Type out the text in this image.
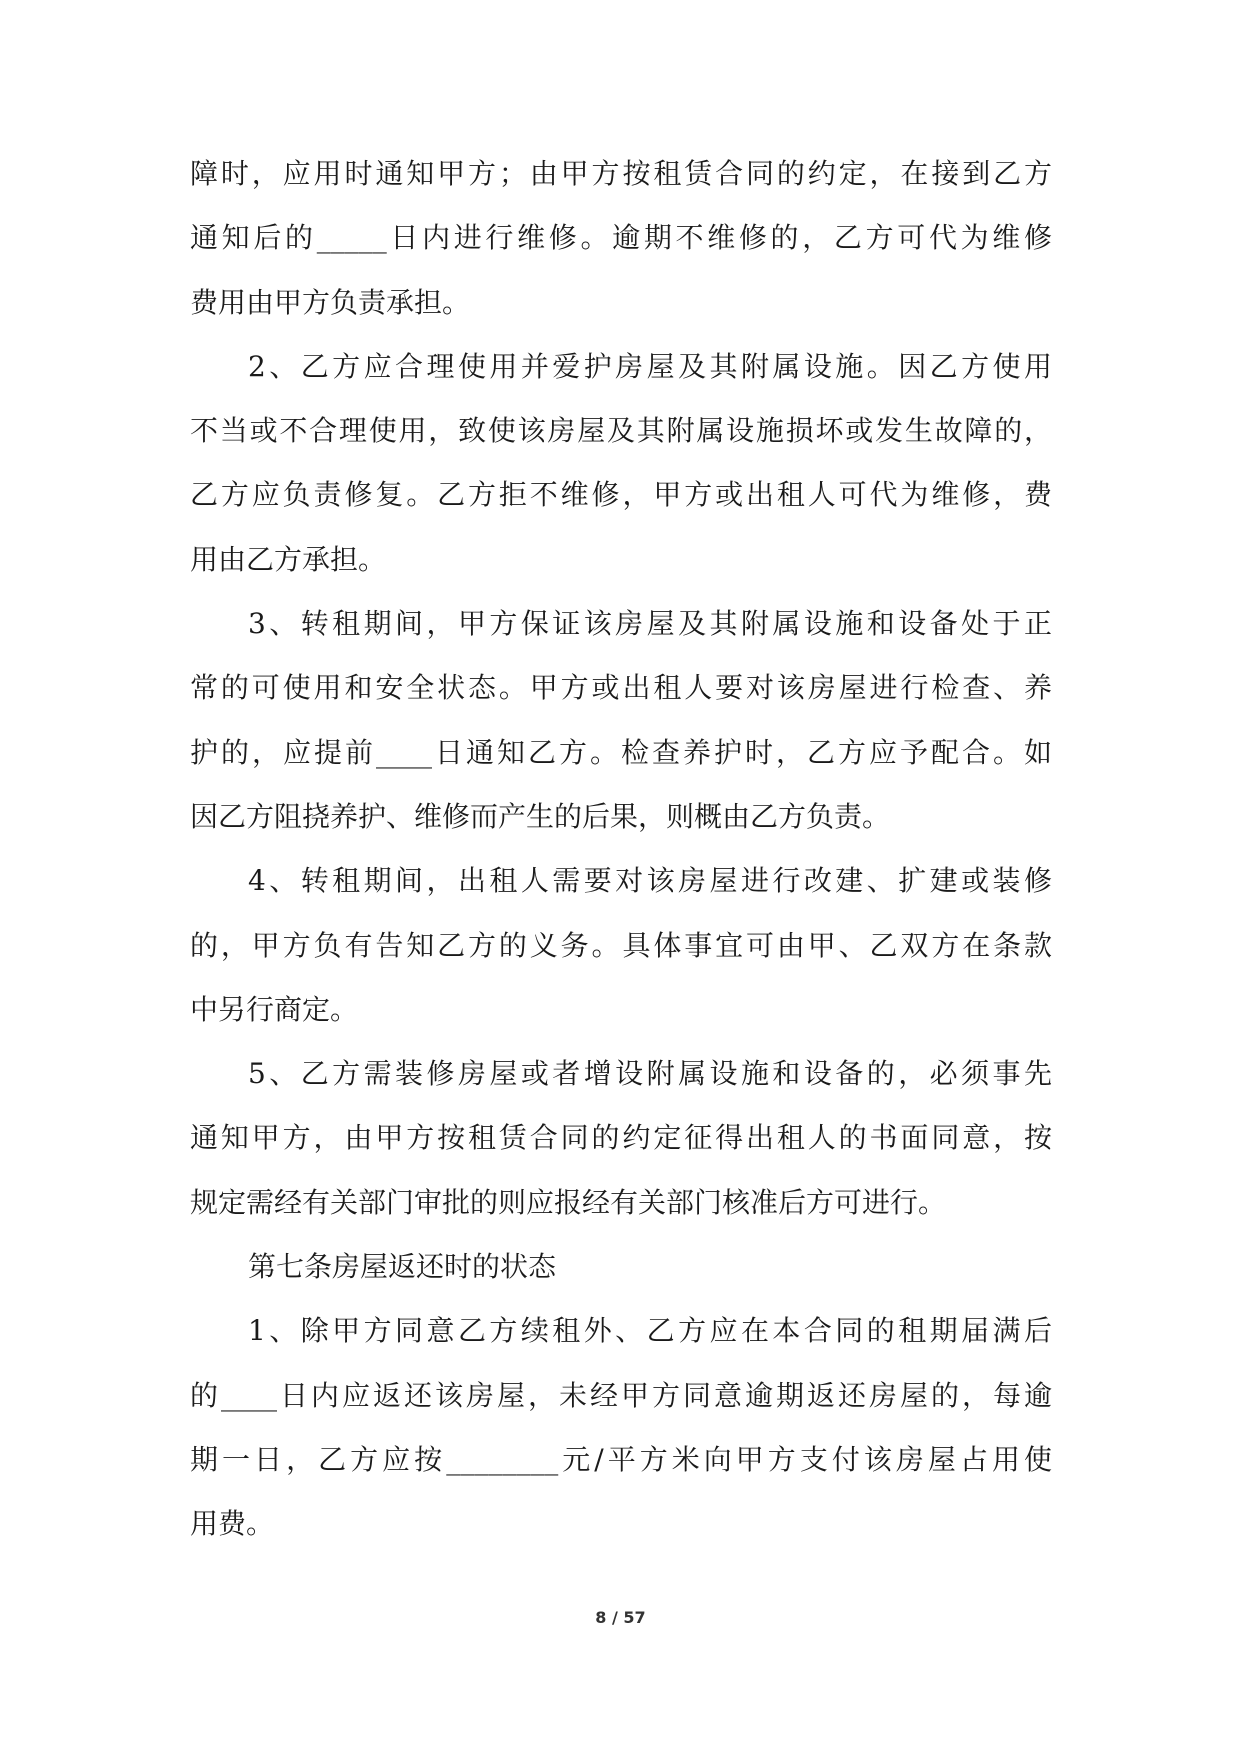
障时，应用时通知甲方；由甲方按租赁合同的约定，在接到乙方
通知后的_____日内进行维修。逾期不维修的，乙方可代为维修
费用由甲方负责承担。
2、乙方应合理使用并爱护房屋及其附属设施。因乙方使用
不当或不合理使用，致使该房屋及其附属设施损坏或发生故障的，
乙方应负责修复。乙方拒不维修，甲方或出租人可代为维修，费
用由乙方承担。
3、转租期间，甲方保证该房屋及其附属设施和设备处于正
常的可使用和安全状态。甲方或出租人要对该房屋进行检查、养
护的，应提前____日通知乙方。检查养护时，乙方应予配合。如
因乙方阻挠养护、维修而产生的后果，则概由乙方负责。
4、转租期间，出租人需要对该房屋进行改建、扩建或装修
的，甲方负有告知乙方的义务。具体事宜可由甲、乙双方在条款
中另行商定。
5、乙方需装修房屋或者增设附属设施和设备的，必须事先
通知甲方，由甲方按租赁合同的约定征得出租人的书面同意，按
规定需经有关部门审批的则应报经有关部门核准后方可进行。
第七条房屋返还时的状态
1、除甲方同意乙方续租外、乙方应在本合同的租期届满后
的____日内应返还该房屋，未经甲方同意逾期返还房屋的，每逾
期一日，乙方应按________元/平方米向甲方支付该房屋占用使
用费。
8 / 57
